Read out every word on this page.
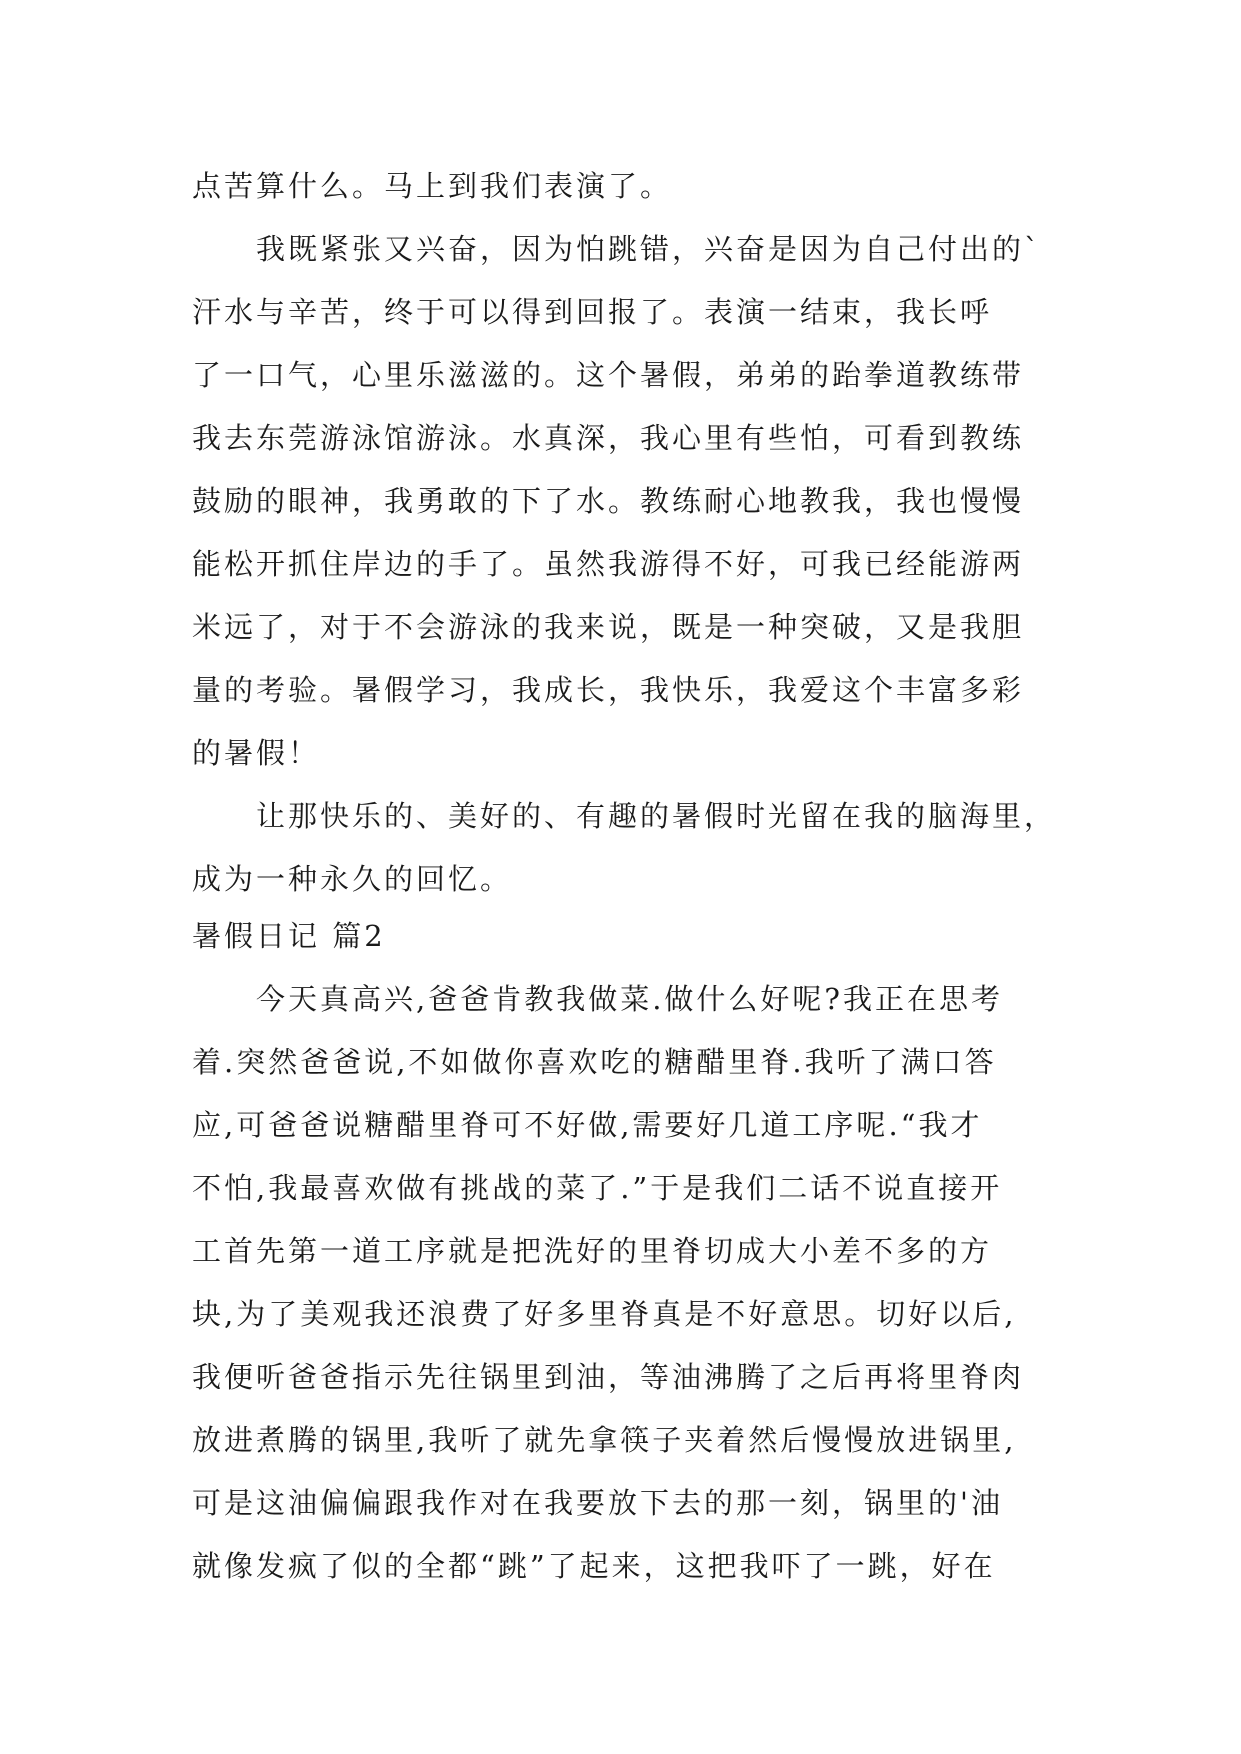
点苦算什么。马上到我们表演了。
我既紧张又兴奋，因为怕跳错，兴奋是因为自己付出的`
汗水与辛苦，终于可以得到回报了。表演一结束，我长呼
了一口气，心里乐滋滋的。这个暑假，弟弟的跆拳道教练带
我去东莞游泳馆游泳。水真深，我心里有些怕，可看到教练
鼓励的眼神，我勇敢的下了水。教练耐心地教我，我也慢慢
能松开抓住岸边的手了。虽然我游得不好，可我已经能游两
米远了，对于不会游泳的我来说，既是一种突破，又是我胆
量的考验。暑假学习，我成长，我快乐，我爱这个丰富多彩
的暑假！
让那快乐的、美好的、有趣的暑假时光留在我的脑海里，
成为一种永久的回忆。
暑假日记 篇2
今天真高兴,爸爸肯教我做菜.做什么好呢?我正在思考
着.突然爸爸说,不如做你喜欢吃的糖醋里脊.我听了满口答
应,可爸爸说糖醋里脊可不好做,需要好几道工序呢.“我才
不怕,我最喜欢做有挑战的菜了.”于是我们二话不说直接开
工首先第一道工序就是把洗好的里脊切成大小差不多的方
块,为了美观我还浪费了好多里脊真是不好意思。切好以后,
我便听爸爸指示先往锅里到油，等油沸腾了之后再将里脊肉
放进煮腾的锅里,我听了就先拿筷子夹着然后慢慢放进锅里,
可是这油偏偏跟我作对在我要放下去的那一刻，锅里的'油
就像发疯了似的全都“跳”了起来，这把我吓了一跳，好在
